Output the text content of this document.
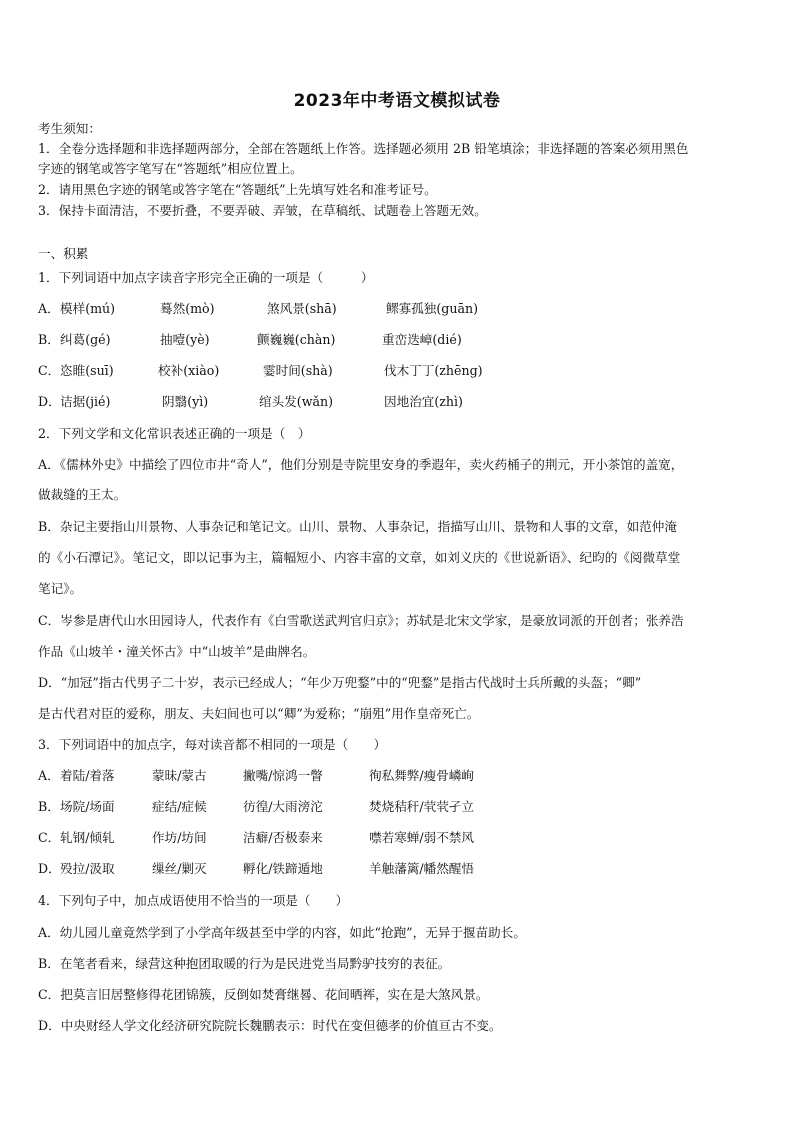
2023年中考语文模拟试卷
考生须知：
1．全卷分选择题和非选择题两部分，全部在答题纸上作答。选择题必须用 2B 铅笔填涂；非选择题的答案必须用黑色
字迹的钢笔或答字笔写在“答题纸”相应位置上。
2．请用黑色字迹的钢笔或答字笔在“答题纸”上先填写姓名和准考证号。
3．保持卡面清洁，不要折叠，不要弄破、弄皱，在草稿纸、试题卷上答题无效。
一、积累
1．下列词语中加点字读音字形完全正确的一项是（　　　）
A． 模样(mú)	蓦然(mò)	煞风景(shā)	鳏寡孤独(guān)
B． 纠葛(gé)	抽噎(yè)	颤巍巍(chàn)	重峦迭嶂(dié)
C． 恣睢(suī)	校补(xiào)	霎时间(shà)	伐木丁丁(zhēng)
D． 诘据(jié)	阴翳(yì)	绾头发(wǎn)	因地治宜(zhì)
2．下列文学和文化常识表述正确的一项是（　）
A．《儒林外史》中描绘了四位市井“奇人”，他们分别是寺院里安身的季遐年，卖火药桶子的荆元，开小茶馆的盖宽，
做裁缝的王太。
B．杂记主要指山川景物、人事杂记和笔记文。山川、景物、人事杂记，指描写山川、景物和人事的文章，如范仲淹
的《小石潭记》。笔记文，即以记事为主，篇幅短小、内容丰富的文章，如刘义庆的《世说新语》、纪昀的《阅微草堂
笔记》。
C．岑参是唐代山水田园诗人，代表作有《白雪歌送武判官归京》；苏轼是北宋文学家，是豪放词派的开创者；张养浩
作品《山坡羊・潼关怀古》中“山坡羊”是曲牌名。
D．“加冠”指古代男子二十岁，表示已经成人；“年少万兜鍪”中的“兜鍪”是指古代战时士兵所戴的头盔；“卿”
是古代君对臣的爱称，朋友、夫妇间也可以“卿”为爱称；“崩殂”用作皇帝死亡。
3．下列词语中的加点字，每对读音都不相同的一项是（　　）
A． 着陆/着落	蒙昧/蒙古	撇嘴/惊鸿一瞥	徇私舞弊/瘦骨嶙峋
B． 场院/场面	症结/症候	彷徨/大雨滂沱	焚烧秸秆/茕茕孑立
C． 轧钢/倾轧	作坊/坊间	洁癖/否极泰来	噤若寒蝉/弱不禁风
D． 殁拉/汲取	缫丝/剿灭	孵化/铁蹄遁地	羊触藩篱/幡然醒悟
4．下列句子中，加点成语使用不恰当的一项是（　　）
A．幼儿园儿童竟然学到了小学高年级甚至中学的内容，如此“抢跑”，无异于揠苗助长。
B．在笔者看来，绿营这种抱团取暖的行为是民进党当局黔驴技穷的表征。
C．把莫言旧居整修得花团锦簇，反倒如焚膏继晷、花间晒裈，实在是大煞风景。
D．中央财经人学文化经济研究院院长魏鹏表示：时代在变但德孝的价值亘古不变。
